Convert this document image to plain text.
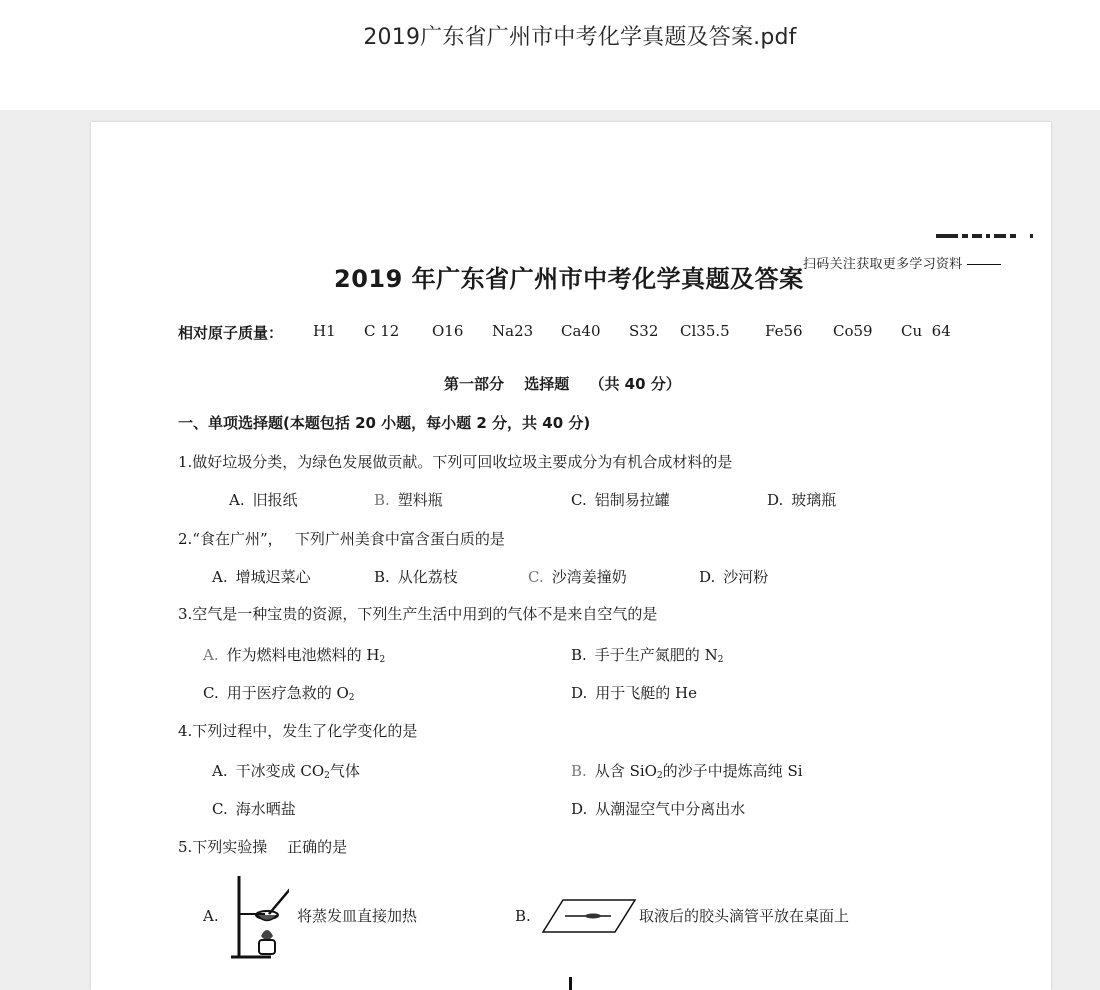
2019广东省广州市中考化学真题及答案.pdf
扫码关注获取更多学习资料
2019 年广东省广州市中考化学真题及答案
相对原子质量： H1 C 12 O16 Na23 Ca40 S32 Cl35.5 Fe56 Co59 Cu  64
第一部分　 选择题　 （共 40 分）
一、单项选择题(本题包括 20 小题，每小题 2 分，共 40 分)
1.做好垃圾分类，为绿色发展做贡献。下列可回收垃圾主要成分为有机合成材料的是
A. 旧报纸	B. 塑料瓶	C. 铝制易拉罐	D. 玻璃瓶
2.“食在广州”，　 下列广州美食中富含蛋白质的是
A. 增城迟菜心	B. 从化荔枝	C. 沙湾姜撞奶	D. 沙河粉
3.空气是一种宝贵的资源，下列生产生活中用到的气体不是来自空气的是
A. 作为燃料电池燃料的 $H_2$	B. 手于生产氮肥的 $N_2$
C. 用于医疗急救的 $O_2$	D. 用于飞艇的 He
4.下列过程中，发生了化学变化的是
A. 干冰变成 $CO_2$气体	B. 从含 SiO$_2$的沙子中提炼高纯 Si
C. 海水晒盐	D. 从潮湿空气中分离出水
5.下列实验操　 正确的是
A.	将蒸发皿直接加热	B.	取液后的胶头滴管平放在桌面上
